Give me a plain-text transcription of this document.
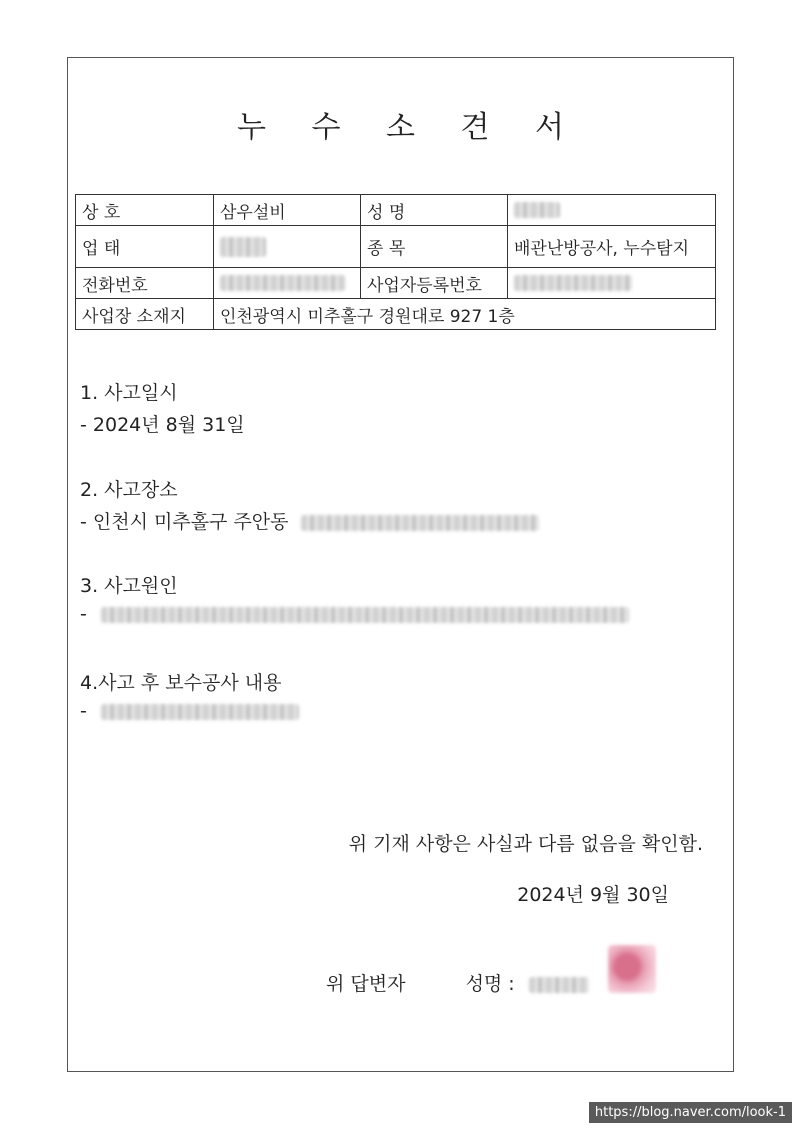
누 수 소 견 서
상 호	삼우설비	성 명	
업 태		종 목	배관난방공사, 누수탐지
전화번호		사업자등록번호	
사업장 소재지	인천광역시 미추홀구 경원대로 927 1층		
1. 사고일시
- 2024년 8월 31일
2. 사고장소
- 인천시 미추홀구 주안동
3. 사고원인
-
4.사고 후 보수공사 내용
-
위 기재 사항은 사실과 다름 없음을 확인함.
2024년 9월 30일
위 답변자	성명 :
https://blog.naver.com/look-1
